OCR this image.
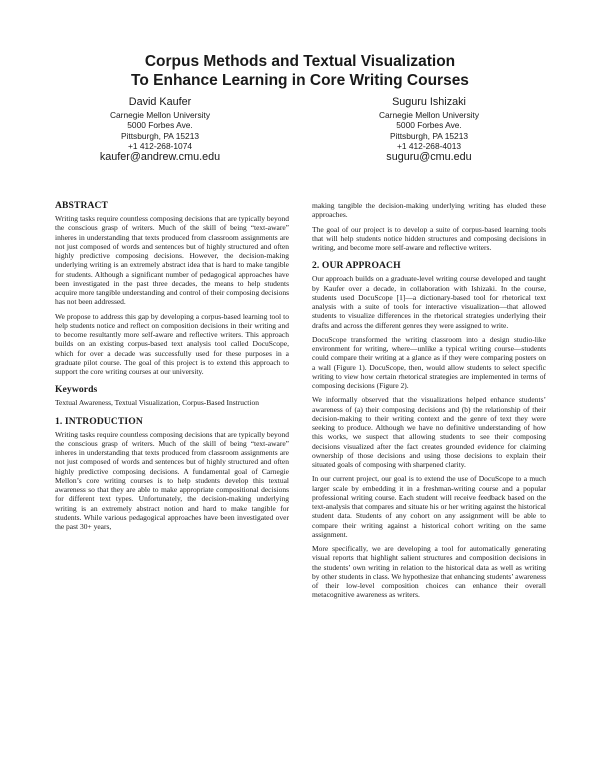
Corpus Methods and Textual Visualization
To Enhance Learning in Core Writing Courses
David Kaufer
Carnegie Mellon University
5000 Forbes Ave.
Pittsburgh, PA 15213
+1 412-268-1074
kaufer@andrew.cmu.edu
Suguru Ishizaki
Carnegie Mellon University
5000 Forbes Ave.
Pittsburgh, PA 15213
+1 412-268-4013
suguru@cmu.edu
ABSTRACT

Writing tasks require countless composing decisions that are typically beyond the conscious grasp of writers. Much of the skill of being “text-aware” inheres in understanding that texts produced from classroom assignments are not just composed of words and sentences but of highly structured and often highly predictive composing decisions. However, the decision-making underlying writing is an extremely abstract idea that is hard to make tangible for students. Although a significant number of pedagogical approaches have been investigated in the past three decades, the means to help students acquire more tangible understanding and control of their composing decisions has not been addressed.

We propose to address this gap by developing a corpus-based learning tool to help students notice and reflect on composition decisions in their writing and to become resultantly more self-aware and reflective writers. This approach builds on an existing corpus-based text analysis tool called DocuScope, which for over a decade was successfully used for these purposes in a graduate pilot course. The goal of this project is to extend this approach to support the core writing courses at our university.

Keywords

Textual Awareness, Textual Visualization, Corpus-Based Instruction

1. INTRODUCTION

Writing tasks require countless composing decisions that are typically beyond the conscious grasp of writers. Much of the skill of being “text-aware” inheres in understanding that texts produced from classroom assignments are not just composed of words and sentences but of highly structured and often highly predictive composing decisions. A fundamental goal of Carnegie Mellon’s core writing courses is to help students develop this textual awareness so that they are able to make appropriate compositional decisions for different text types. Unfortunately, the decision-making underlying writing is an extremely abstract notion and hard to make tangible for students. While various pedagogical approaches have been investigated over the past 30+ years,

making tangible the decision-making underlying writing has eluded these approaches.

The goal of our project is to develop a suite of corpus-based learning tools that will help students notice hidden structures and composing decisions in writing, and become more self-aware and reflective writers.

2. OUR APPROACH

Our approach builds on a graduate-level writing course developed and taught by Kaufer over a decade, in collaboration with Ishizaki. In the course, students used DocuScope [1]—a dictionary-based tool for rhetorical text analysis with a suite of tools for interactive visualization—that allowed students to visualize differences in the rhetorical strategies underlying their drafts and across the different genres they were assigned to write.

DocuScope transformed the writing classroom into a design studio-like environment for writing, where—unlike a typical writing course—students could compare their writing at a glance as if they were comparing posters on a wall (Figure 1). DocuScope, then, would allow students to select specific writing to view how certain rhetorical strategies are implemented in terms of composing decisions (Figure 2).

We informally observed that the visualizations helped enhance students’ awareness of (a) their composing decisions and (b) the relationship of their decision-making to their writing context and the genre of text they were seeking to produce. Although we have no definitive understanding of how this works, we suspect that allowing students to see their composing decisions visualized after the fact creates grounded evidence for claiming ownership of those decisions and using those decisions to explain their situated goals of composing with sharpened clarity.

In our current project, our goal is to extend the use of DocuScope to a much larger scale by embedding it in a freshman-writing course and a popular professional writing course. Each student will receive feedback based on the text-analysis that compares and situate his or her writing against the historical student data. Students of any cohort on any assignment will be able to compare their writing against a historical cohort writing on the same assignment.

More specifically, we are developing a tool for automatically generating visual reports that highlight salient structures and composition decisions in the students’ own writing in relation to the historical data as well as writing by other students in class. We hypothesize that enhancing students’ awareness of their low-level composition choices can enhance their overall metacognitive awareness as writers.
